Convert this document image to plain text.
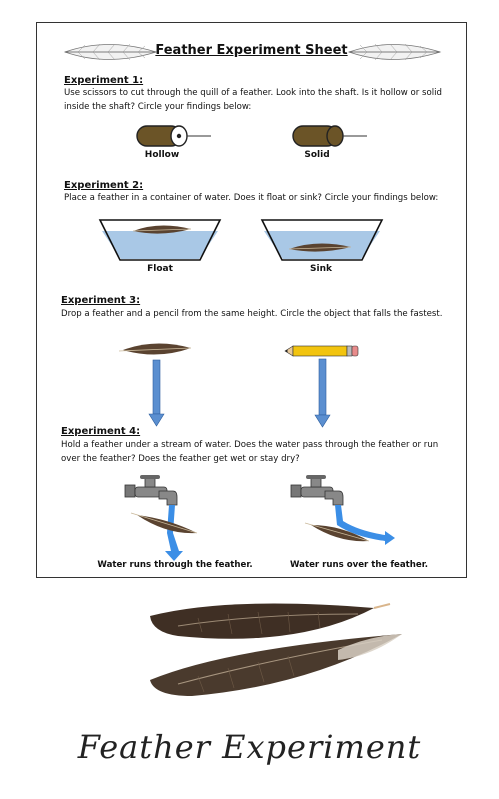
Feather Experiment Sheet
Experiment 1:
Use scissors to cut through the quill of a feather. Look into the shaft. Is it hollow or solid inside the shaft? Circle your findings below:
Hollow	Solid
Experiment 2:
Place a feather in a container of water. Does it float or sink? Circle your findings below:
Float	Sink
Experiment 3:
Drop a feather and a pencil from the same height. Circle the object that falls the fastest.
Experiment 4:
Hold a feather under a stream of water. Does the water pass through the feather or run over the feather? Does the feather get wet or stay dry?
Water runs through the feather.	Water runs over the feather.
Feather Experiment
